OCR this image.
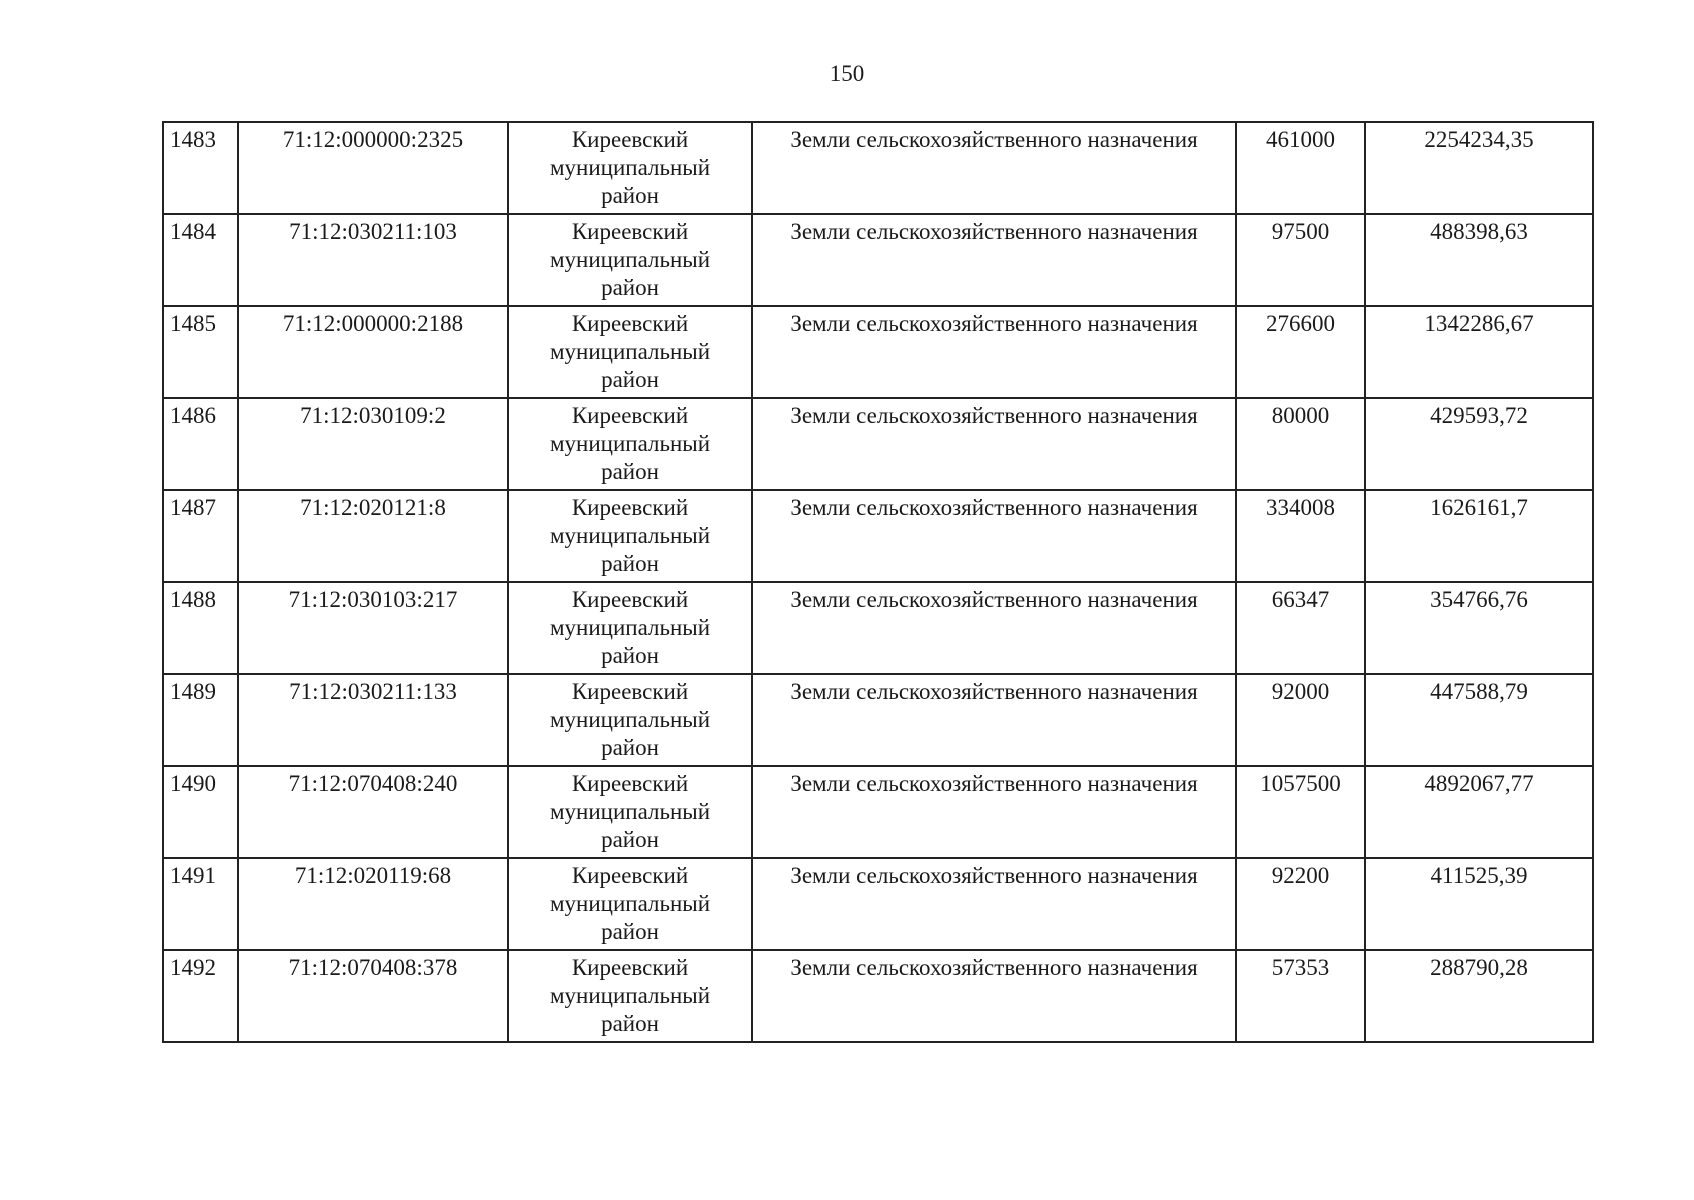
150
1483	71:12:000000:2325	Киреевский
муниципальный
район	Земли сельскохозяйственного назначения	461000	2254234,35
1484	71:12:030211:103	Киреевский
муниципальный
район	Земли сельскохозяйственного назначения	97500	488398,63
1485	71:12:000000:2188	Киреевский
муниципальный
район	Земли сельскохозяйственного назначения	276600	1342286,67
1486	71:12:030109:2	Киреевский
муниципальный
район	Земли сельскохозяйственного назначения	80000	429593,72
1487	71:12:020121:8	Киреевский
муниципальный
район	Земли сельскохозяйственного назначения	334008	1626161,7
1488	71:12:030103:217	Киреевский
муниципальный
район	Земли сельскохозяйственного назначения	66347	354766,76
1489	71:12:030211:133	Киреевский
муниципальный
район	Земли сельскохозяйственного назначения	92000	447588,79
1490	71:12:070408:240	Киреевский
муниципальный
район	Земли сельскохозяйственного назначения	1057500	4892067,77
1491	71:12:020119:68	Киреевский
муниципальный
район	Земли сельскохозяйственного назначения	92200	411525,39
1492	71:12:070408:378	Киреевский
муниципальный
район	Земли сельскохозяйственного назначения	57353	288790,28
